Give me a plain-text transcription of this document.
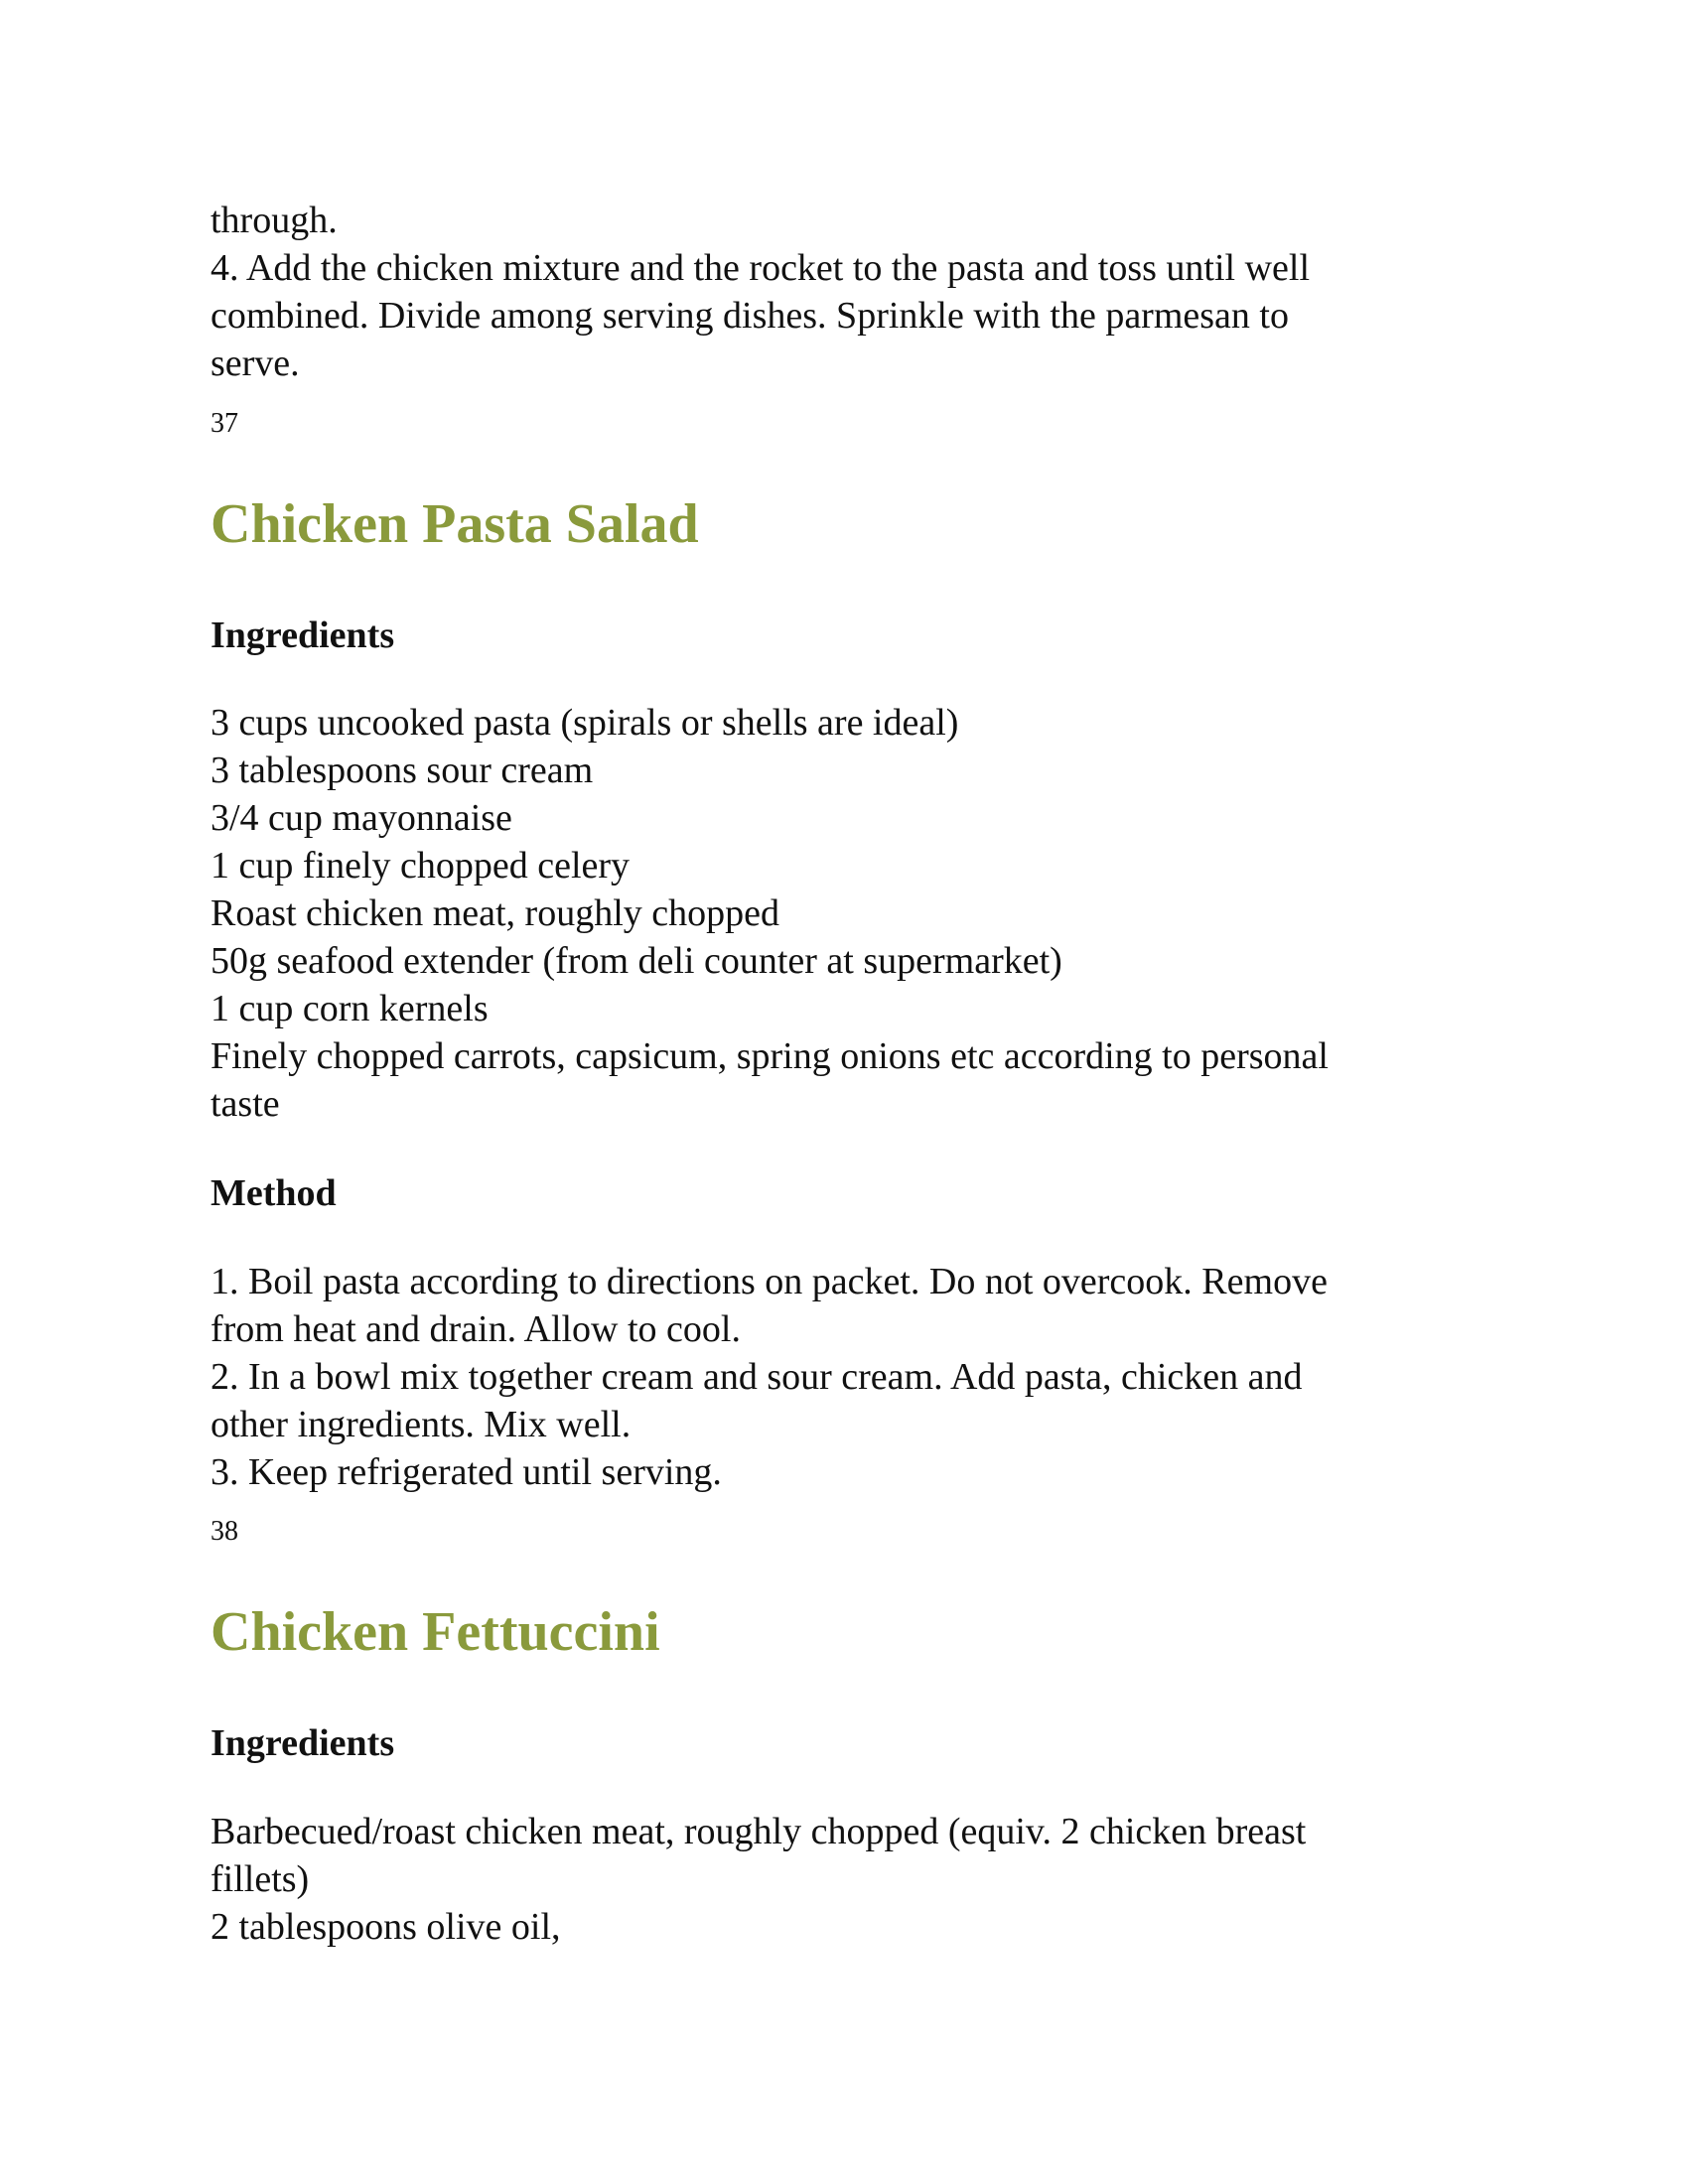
through.
4. Add the chicken mixture and the rocket to the pasta and toss until well
combined. Divide among serving dishes. Sprinkle with the parmesan to
serve.
37
Chicken Pasta Salad
Ingredients
3 cups uncooked pasta (spirals or shells are ideal)
3 tablespoons sour cream
3/4 cup mayonnaise
1 cup finely chopped celery
Roast chicken meat, roughly chopped
50g seafood extender (from deli counter at supermarket)
1 cup corn kernels
Finely chopped carrots, capsicum, spring onions etc according to personal
taste
Method
1. Boil pasta according to directions on packet. Do not overcook. Remove
from heat and drain. Allow to cool.
2. In a bowl mix together cream and sour cream. Add pasta, chicken and
other ingredients. Mix well.
3. Keep refrigerated until serving.
38
Chicken Fettuccini
Ingredients
Barbecued/roast chicken meat, roughly chopped (equiv. 2 chicken breast
fillets)
2 tablespoons olive oil,
